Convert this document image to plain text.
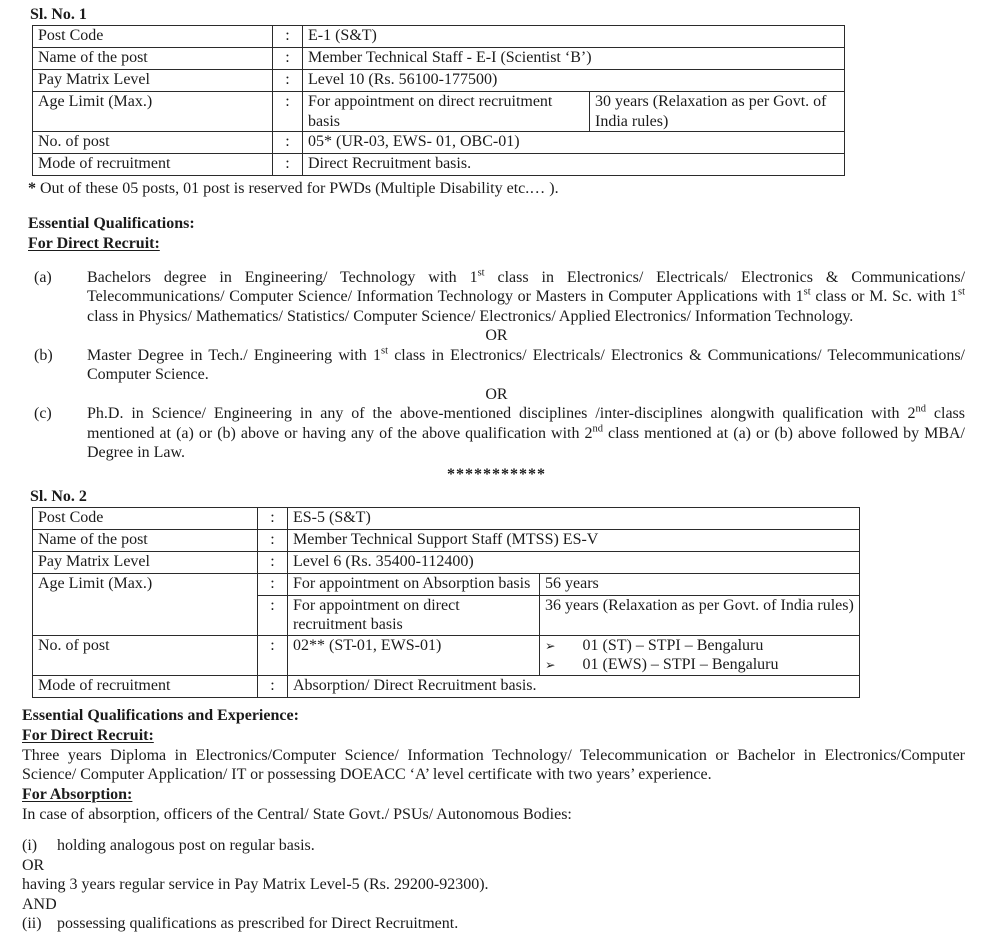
Sl. No. 1
Post Code	:	E-1 (S&T)	
Name of the post	:	Member Technical Staff - E-I (Scientist ‘B’)	
Pay Matrix Level	:	Level 10 (Rs. 56100-177500)	
Age Limit (Max.)	:	For appointment on direct recruitment basis	30 years (Relaxation as per Govt. of India rules)
No. of post	:	05* (UR-03, EWS- 01, OBC-01)	
Mode of recruitment	:	Direct Recruitment basis.	
* Out of these 05 posts, 01 post is reserved for PWDs (Multiple Disability etc.… ).
Essential Qualifications:
For Direct Recruit:
(a)	Bachelors degree in Engineering/ Technology with 1st class in Electronics/ Electricals/ Electronics & Communications/ Telecommunications/ Computer Science/ Information Technology or Masters in Computer Applications with 1st class or M. Sc. with 1st class in Physics/ Mathematics/ Statistics/ Computer Science/ Electronics/ Applied Electronics/ Information Technology.
OR
(b)	Master Degree in Tech./ Engineering with 1st class in Electronics/ Electricals/ Electronics & Communications/ Telecommunications/ Computer Science.
OR
(c)	Ph.D. in Science/ Engineering in any of the above-mentioned disciplines /inter-disciplines alongwith qualification with 2nd class mentioned at (a) or (b) above or having any of the above qualification with 2nd class mentioned at (a) or (b) above followed by MBA/ Degree in Law.
***********
Sl. No. 2
Post Code	:	ES-5 (S&T)	
Name of the post	:	Member Technical Support Staff (MTSS) ES-V	
Pay Matrix Level	:	Level 6 (Rs. 35400-112400)	
Age Limit (Max.)	:	For appointment on Absorption basis	56 years
	:	For appointment on direct recruitment basis	36 years (Relaxation as per Govt. of India rules)
No. of post	:	02** (ST-01, EWS-01)	➢ 01 (ST) – STPI – Bengaluru
➢ 01 (EWS) – STPI – Bengaluru

Mode of recruitment	:	Absorption/ Direct Recruitment basis.	
Essential Qualifications and Experience:
For Direct Recruit:
Three years Diploma in Electronics/Computer Science/ Information Technology/ Telecommunication or Bachelor in Electronics/Computer Science/ Computer Application/ IT or possessing DOEACC ‘A’ level certificate with two years’ experience.
For Absorption:
In case of absorption, officers of the Central/ State Govt./ PSUs/ Autonomous Bodies:
(i)	holding analogous post on regular basis.
OR
having 3 years regular service in Pay Matrix Level-5 (Rs. 29200-92300).
AND
(ii) possessing qualifications as prescribed for Direct Recruitment.
